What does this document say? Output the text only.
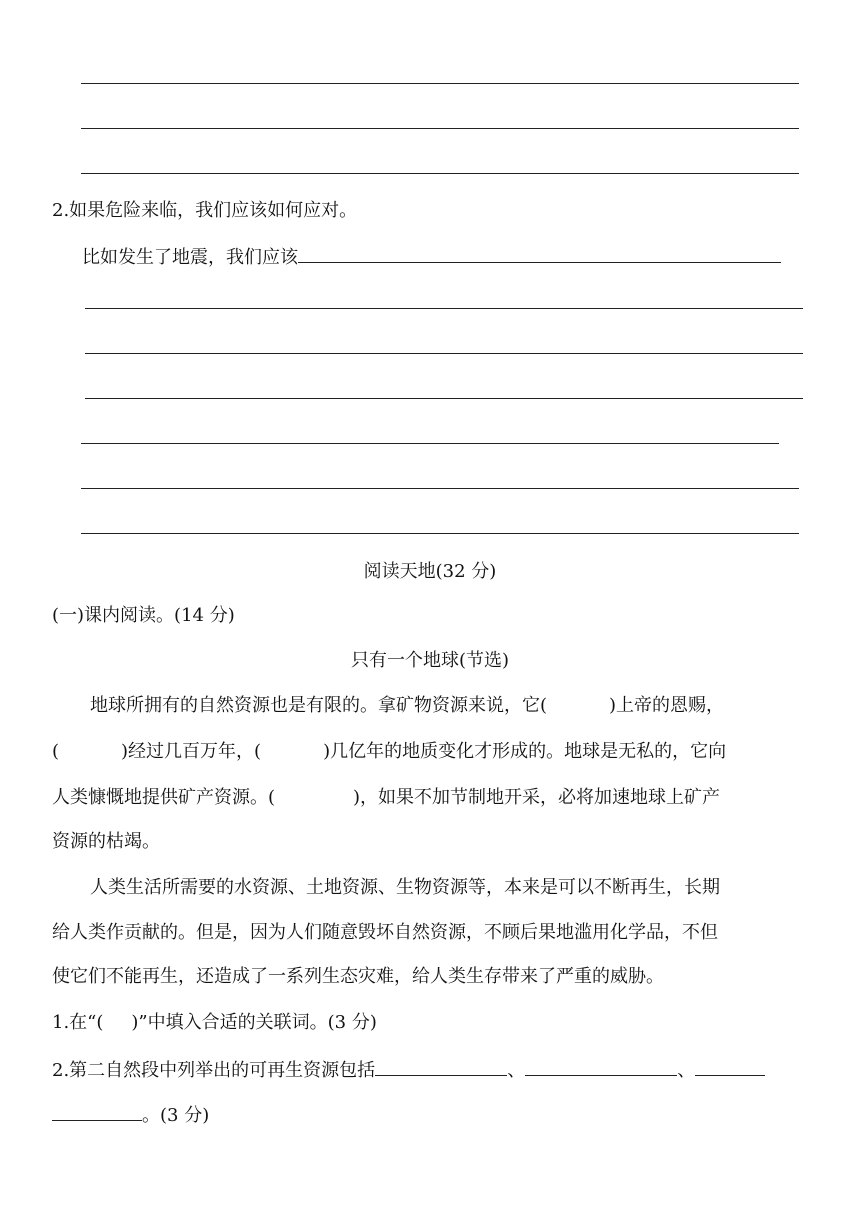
2.如果危险来临，我们应该如何应对。
比如发生了地震，我们应该
阅读天地(32 分)
(一)课内阅读。(14 分)
只有一个地球(节选)
地球所拥有的自然资源也是有限的。拿矿物资源来说，它(	)上帝的恩赐，
(	)经过几百万年，(	)几亿年的地质变化才形成的。地球是无私的，它向
人类慷慨地提供矿产资源。(	)，如果不加节制地开采，必将加速地球上矿产
资源的枯竭。
人类生活所需要的水资源、土地资源、生物资源等，本来是可以不断再生，长期
给人类作贡献的。但是，因为人们随意毁坏自然资源，不顾后果地滥用化学品，不但
使它们不能再生，还造成了一系列生态灾难，给人类生存带来了严重的威胁。
1.在“( )”中填入合适的关联词。(3 分)
2.第二自然段中列举出的可再生资源包括	、	、
。(3 分)
